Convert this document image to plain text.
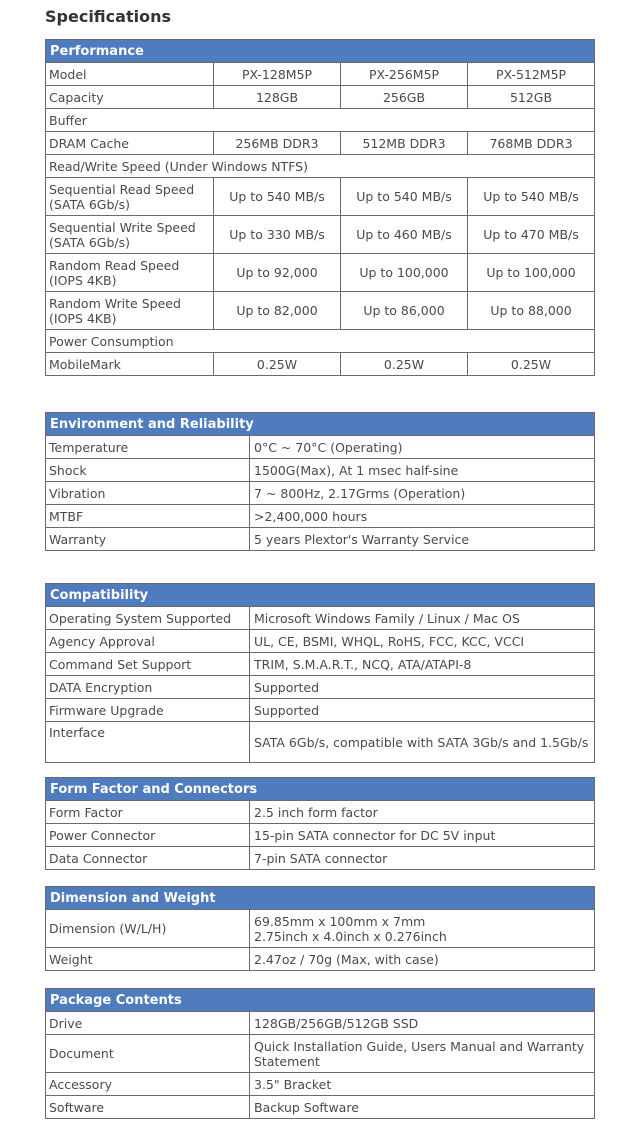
Specifications
Performance			
Model	PX-128M5P	PX-256M5P	PX-512M5P
Capacity	128GB	256GB	512GB
Buffer			
DRAM Cache	256MB DDR3	512MB DDR3	768MB DDR3
Read/Write Speed (Under Windows NTFS)			
Sequential Read Speed (SATA 6Gb/s)	Up to 540 MB/s	Up to 540 MB/s	Up to 540 MB/s
Sequential Write Speed (SATA 6Gb/s)	Up to 330 MB/s	Up to 460 MB/s	Up to 470 MB/s
Random Read Speed (IOPS 4KB)	Up to 92,000	Up to 100,000	Up to 100,000
Random Write Speed (IOPS 4KB)	Up to 82,000	Up to 86,000	Up to 88,000
Power Consumption			
MobileMark	0.25W	0.25W	0.25W
Environment and Reliability	
Temperature	0°C ~ 70°C (Operating)
Shock	1500G(Max), At 1 msec half-sine
Vibration	7 ~ 800Hz, 2.17Grms (Operation)
MTBF	>2,400,000 hours
Warranty	5 years Plextor's Warranty Service
Compatibility	
Operating System Supported	Microsoft Windows Family / Linux / Mac OS
Agency Approval	UL, CE, BSMI, WHQL, RoHS, FCC, KCC, VCCI
Command Set Support	TRIM, S.M.A.R.T., NCQ, ATA/ATAPI-8
DATA Encryption	Supported
Firmware Upgrade	Supported
Interface	SATA 6Gb/s, compatible with SATA 3Gb/s and 1.5Gb/s
Form Factor and Connectors	
Form Factor	2.5 inch form factor
Power Connector	15-pin SATA connector for DC 5V input
Data Connector	7-pin SATA connector
Dimension and Weight	
Dimension (W/L/H)	69.85mm x 100mm x 7mm
2.75inch x 4.0inch x 0.276inch

Weight	2.47oz / 70g (Max, with case)
Package Contents	
Drive	128GB/256GB/512GB SSD
Document	Quick Installation Guide, Users Manual and Warranty Statement
Accessory	3.5" Bracket
Software	Backup Software
